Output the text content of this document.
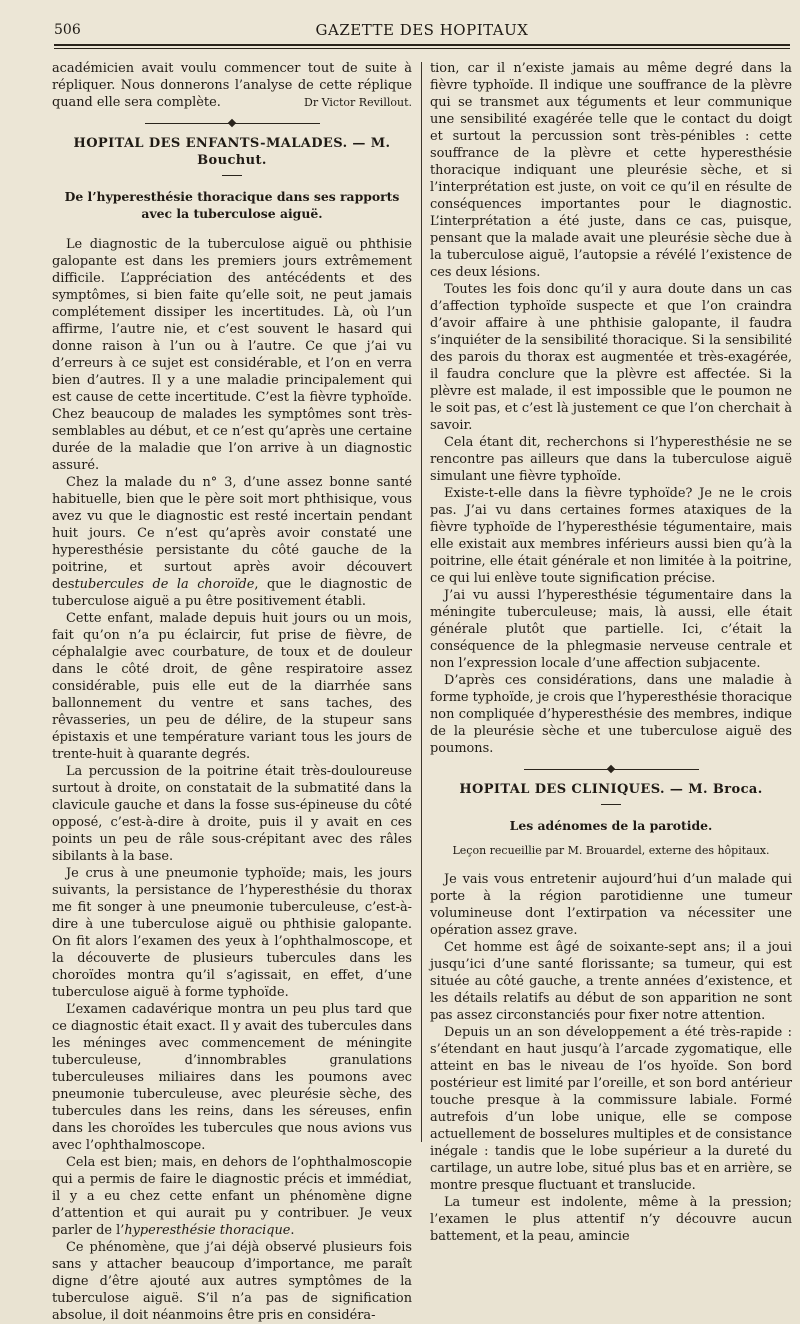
506	GAZETTE DES HOPITAUX

académicien avait voulu commencer tout de suite à répliquer. Nous donnerons l’analyse de cette réplique quand elle sera complète.	Dr Victor Revillout.
HOPITAL DES ENFANTS-MALADES. — M. Bouchut.
De l’hyperesthésie thoracique dans ses rapports avec la tuberculose aiguë.

Le diagnostic de la tuberculose aiguë ou phthisie galopante est dans les premiers jours extrêmement difficile. L’appréciation des antécédents et des symptômes, si bien faite qu’elle soit, ne peut jamais complétement dissiper les incertitudes. Là, où l’un affirme, l’autre nie, et c’est souvent le hasard qui donne raison à l’un ou à l’autre. Ce que j’ai vu d’erreurs à ce sujet est considérable, et l’on en verra bien d’autres. Il y a une maladie principalement qui est cause de cette incertitude. C’est la fièvre typhoïde. Chez beaucoup de malades les symptômes sont très-semblables au début, et ce n’est qu’après une certaine durée de la maladie que l’on arrive à un diagnostic assuré.

Chez la malade du n° 3, d’une assez bonne santé habituelle, bien que le père soit mort phthisique, vous avez vu que le diagnostic est resté incertain pendant huit jours. Ce n’est qu’après avoir constaté une hyperesthésie persistante du côté gauche de la poitrine, et surtout après avoir découvert destubercules de la choroïde, que le diagnostic de tuberculose aiguë a pu être positivement établi.

Cette enfant, malade depuis huit jours ou un mois, fait qu’on n’a pu éclaircir, fut prise de fièvre, de céphalalgie avec courbature, de toux et de douleur dans le côté droit, de gêne respiratoire assez considérable, puis elle eut de la diarrhée sans ballonnement du ventre et sans taches, des rêvasseries, un peu de délire, de la stupeur sans épistaxis et une température variant tous les jours de trente-huit à quarante degrés.

La percussion de la poitrine était très-douloureuse surtout à droite, on constatait de la submatité dans la clavicule gauche et dans la fosse sus-épineuse du côté opposé, c’est-à-dire à droite, puis il y avait en ces points un peu de râle sous-crépitant avec des râles sibilants à la base.

Je crus à une pneumonie typhoïde; mais, les jours suivants, la persistance de l’hyperesthésie du thorax me fit songer à une pneumonie tuberculeuse, c’est-à-dire à une tuberculose aiguë ou phthisie galopante. On fit alors l’examen des yeux à l’ophthalmoscope, et la découverte de plusieurs tubercules dans les choroïdes montra qu’il s’agissait, en effet, d’une tuberculose aiguë à forme typhoïde.

L’examen cadavérique montra un peu plus tard que ce diagnostic était exact. Il y avait des tubercules dans les méninges avec commencement de méningite tuberculeuse, d’innombrables granulations tuberculeuses miliaires dans les poumons avec pneumonie tuberculeuse, avec pleurésie sèche, des tubercules dans les reins, dans les séreuses, enfin dans les choroïdes les tubercules que nous avions vus avec l’ophthalmoscope.

Cela est bien; mais, en dehors de l’ophthalmoscopie qui a permis de faire le diagnostic précis et immédiat, il y a eu chez cette enfant un phénomène digne d’attention et qui aurait pu y contribuer. Je veux parler de l’hyperesthésie thoracique.

Ce phénomène, que j’ai déjà observé plusieurs fois sans y attacher beaucoup d’importance, me paraît digne d’être ajouté aux autres symptômes de la tuberculose aiguë. S’il n’a pas de signification absolue, il doit néanmoins être pris en considéra-

tion, car il n’existe jamais au même degré dans la fièvre typhoïde. Il indique une souffrance de la plèvre qui se transmet aux téguments et leur communique une sensibilité exagérée telle que le contact du doigt et surtout la percussion sont très-pénibles : cette souffrance de la plèvre et cette hyperesthésie thoracique indiquant une pleurésie sèche, et si l’interprétation est juste, on voit ce qu’il en résulte de conséquences importantes pour le diagnostic. L’interprétation a été juste, dans ce cas, puisque, pensant que la malade avait une pleurésie sèche due à la tuberculose aiguë, l’autopsie a révélé l’existence de ces deux lésions.

Toutes les fois donc qu’il y aura doute dans un cas d’affection typhoïde suspecte et que l’on craindra d’avoir affaire à une phthisie galopante, il faudra s’inquiéter de la sensibilité thoracique. Si la sensibilité des parois du thorax est augmentée et très-exagérée, il faudra conclure que la plèvre est affectée. Si la plèvre est malade, il est impossible que le poumon ne le soit pas, et c’est là justement ce que l’on cherchait à savoir.

Cela étant dit, recherchons si l’hyperesthésie ne se rencontre pas ailleurs que dans la tuberculose aiguë simulant une fièvre typhoïde.

Existe-t-elle dans la fièvre typhoïde? Je ne le crois pas. J’ai vu dans certaines formes ataxiques de la fièvre typhoïde de l’hyperesthésie tégumentaire, mais elle existait aux membres inférieurs aussi bien qu’à la poitrine, elle était générale et non limitée à la poitrine, ce qui lui enlève toute signification précise.

J’ai vu aussi l’hyperesthésie tégumentaire dans la méningite tuberculeuse; mais, là aussi, elle était générale plutôt que partielle. Ici, c’était la conséquence de la phlegmasie nerveuse centrale et non l’expression locale d’une affection subjacente.

D’après ces considérations, dans une maladie à forme typhoïde, je crois que l’hyperesthésie thoracique non compliquée d’hyperesthésie des membres, indique de la pleurésie sèche et une tuberculose aiguë des poumons.

HOPITAL DES CLINIQUES. — M. Broca.
Les adénomes de la parotide.
Leçon recueillie par M. Brouardel, externe des hôpitaux.

Je vais vous entretenir aujourd’hui d’un malade qui porte à la région parotidienne une tumeur volumineuse dont l’extirpation va nécessiter une opération assez grave.

Cet homme est âgé de soixante-sept ans; il a joui jusqu’ici d’une santé florissante; sa tumeur, qui est située au côté gauche, a trente années d’existence, et les détails relatifs au début de son apparition ne sont pas assez circonstanciés pour fixer notre attention.

Depuis un an son développement a été très-rapide : s’étendant en haut jusqu’à l’arcade zygomatique, elle atteint en bas le niveau de l’os hyoïde. Son bord postérieur est limité par l’oreille, et son bord antérieur touche presque à la commissure labiale. Formé autrefois d’un lobe unique, elle se compose actuellement de bosselures multiples et de consistance inégale : tandis que le lobe supérieur a la dureté du cartilage, un autre lobe, situé plus bas et en arrière, se montre presque fluctuant et translucide.

La tumeur est indolente, même à la pression; l’examen le plus attentif n’y découvre aucun battement, et la peau, amincie
